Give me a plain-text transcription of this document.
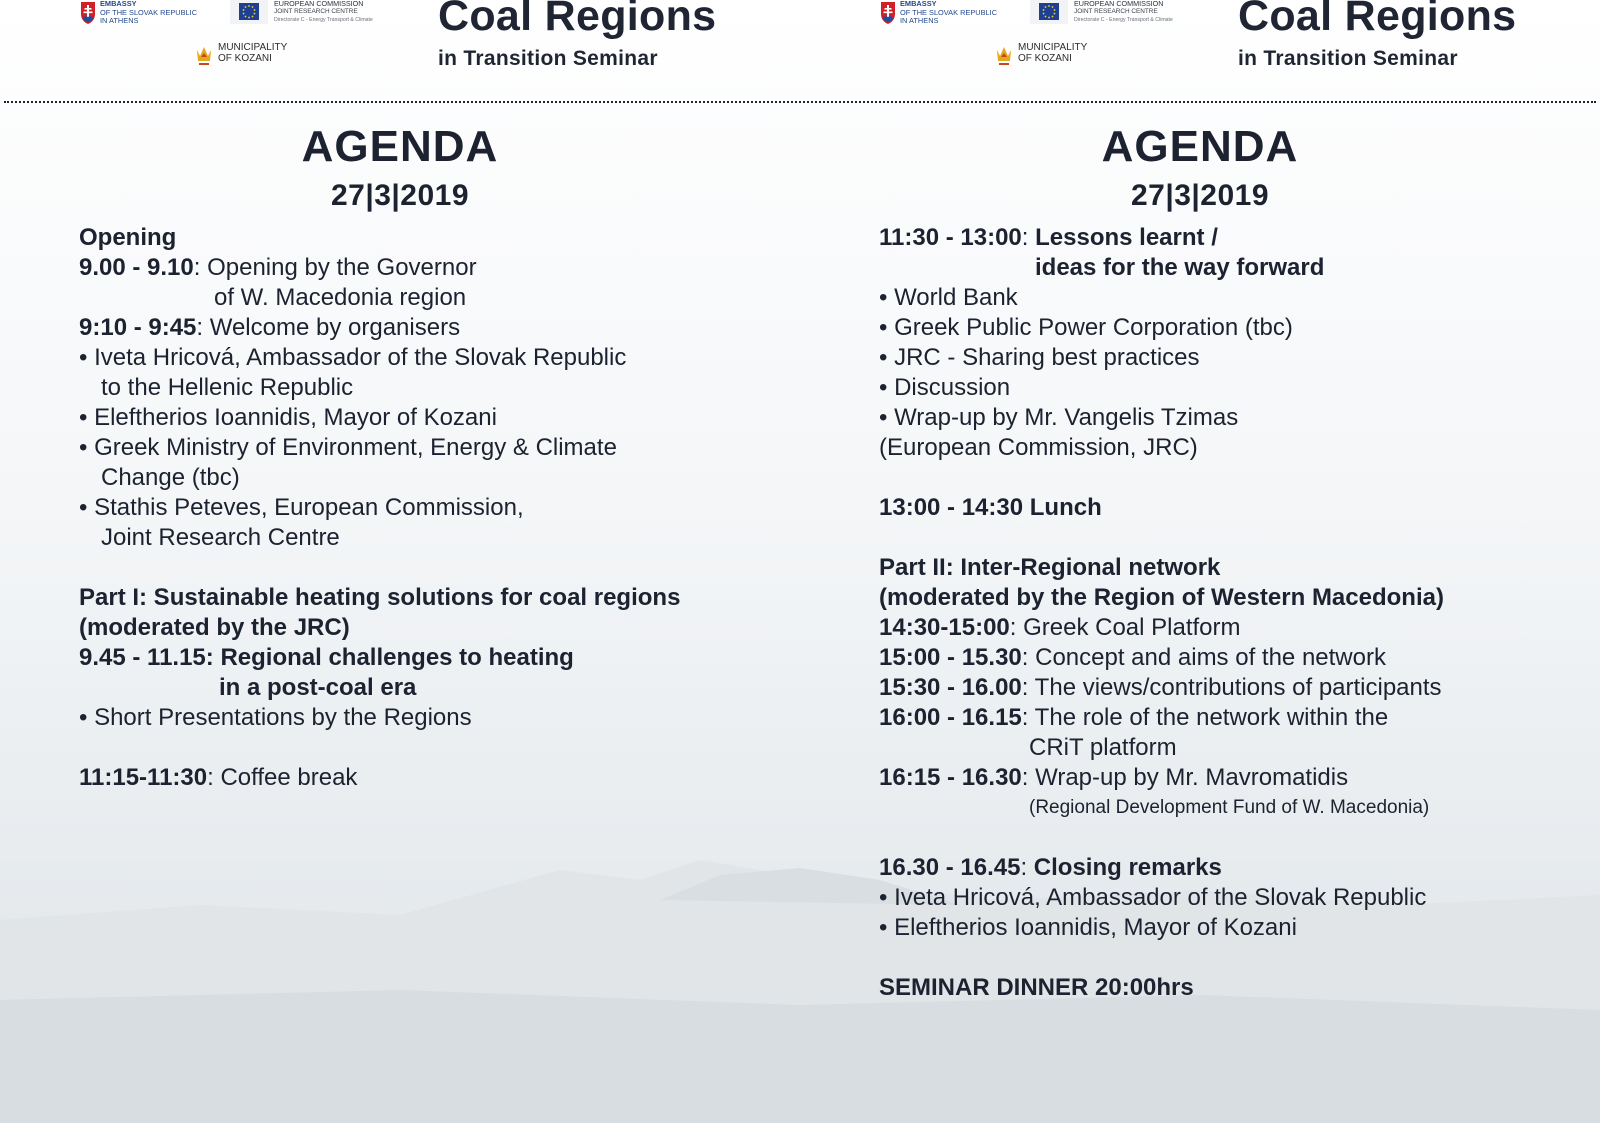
EMBASSY
OF THE SLOVAK REPUBLIC
IN ATHENS
EUROPEAN COMMISSION
JOINT RESEARCH CENTRE
Directorate C - Energy Transport & Climate
MUNICIPALITY
OF KOZANI
Coal Regions
in Transition Seminar
AGENDA
27|3|2019
Opening
9.00 - 9.10: Opening by the Governor
of W. Macedonia region
9:10 - 9:45: Welcome by organisers
• Iveta Hricová, Ambassador of the Slovak Republic
to the Hellenic Republic
• Eleftherios Ioannidis, Mayor of Kozani
• Greek Ministry of Environment, Energy & Climate
Change (tbc)
• Stathis Peteves, European Commission,
Joint Research Centre
Part I: Sustainable heating solutions for coal regions
(moderated by the JRC)
9.45 - 11.15: Regional challenges to heating
in a post-coal era
• Short Presentations by the Regions
11:15-11:30: Coffee break
EMBASSY
OF THE SLOVAK REPUBLIC
IN ATHENS
EUROPEAN COMMISSION
JOINT RESEARCH CENTRE
Directorate C - Energy Transport & Climate
MUNICIPALITY
OF KOZANI
Coal Regions
in Transition Seminar
AGENDA
27|3|2019
11:30 - 13:00: Lessons learnt /
ideas for the way forward
• World Bank
• Greek Public Power Corporation (tbc)
• JRC - Sharing best practices
• Discussion
• Wrap-up by Mr. Vangelis Tzimas
(European Commission, JRC)
13:00 - 14:30 Lunch
Part II: Inter-Regional network
(moderated by the Region of Western Macedonia)
14:30-15:00: Greek Coal Platform
15:00 - 15.30: Concept and aims of the network
15:30 - 16.00: The views/contributions of participants
16:00 - 16.15: The role of the network within the
CRiT platform
16:15 - 16.30: Wrap-up by Mr. Mavromatidis
(Regional Development Fund of W. Macedonia)
16.30 - 16.45: Closing remarks
• Iveta Hricová, Ambassador of the Slovak Republic
• Eleftherios Ioannidis, Mayor of Kozani
SEMINAR DINNER 20:00hrs
